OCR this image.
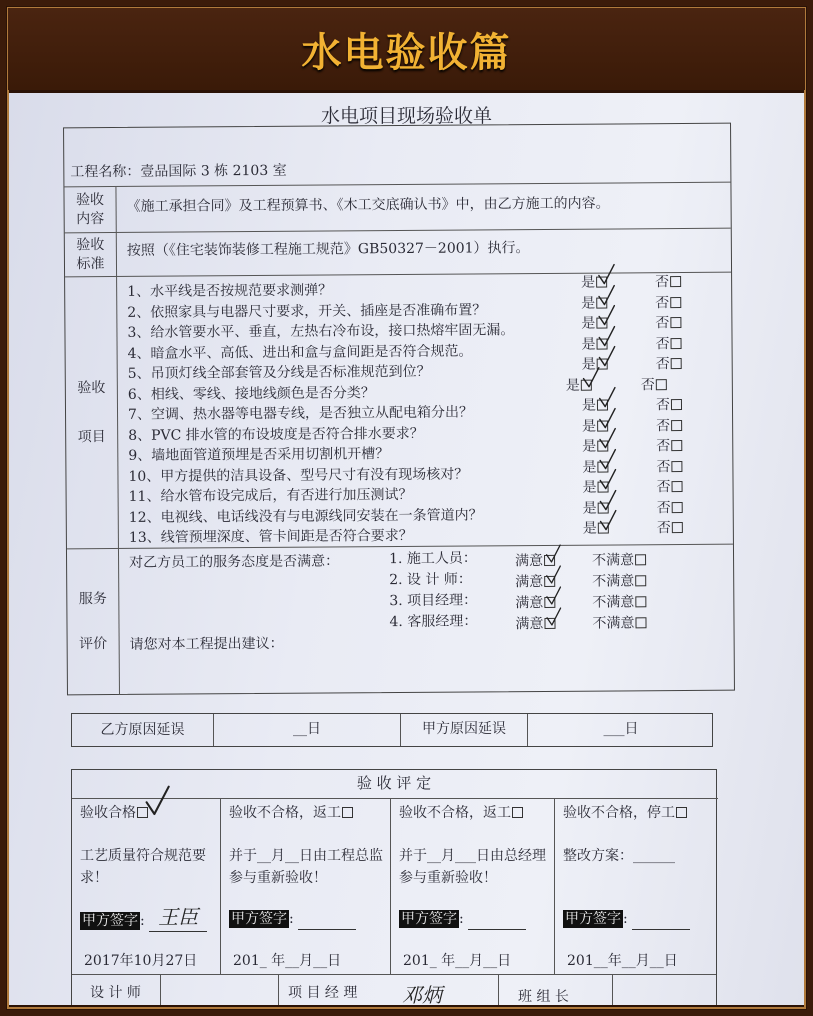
水电验收篇
水电项目现场验收单
工程名称：壹品国际 3 栋 2103 室
验收
内容
《施工承担合同》及工程预算书、《木工交底确认书》中，由乙方施工的内容。
验收
标准
按照（《住宅装饰装修工程施工规范》GB50327－2001）执行。
验收
项目
1、水平线是否按规范要求测弹？	是	否
2、依照家具与电器尺寸要求，开关、插座是否准确布置？	是	否
3、给水管要水平、垂直，左热右冷布设，接口热熔牢固无漏。	是	否
4、暗盒水平、高低、进出和盒与盒间距是否符合规范。	是	否
5、吊顶灯线全部套管及分线是否标准规范到位？	是	否
6、相线、零线、接地线颜色是否分类？	是	否
7、空调、热水器等电器专线，是否独立从配电箱分出？	是	否
8、PVC 排水管的布设坡度是否符合排水要求？	是	否
9、墙地面管道预埋是否采用切割机开槽？	是	否
10、甲方提供的洁具设备、型号尺寸有没有现场核对？	是	否
11、给水管布设完成后，有否进行加压测试？	是	否
12、电视线、电话线没有与电源线同安装在一条管道内？	是	否
13、线管预埋深度、管卡间距是否符合要求？	是	否
服务
评价
对乙方员工的服务态度是否满意：	1. 施工人员：	满意	不满意
2. 设 计 师：	满意	不满意
3. 项目经理：	满意	不满意
4. 客服经理：	满意	不满意
请您对本工程提出建议：
乙方原因延误	__日	甲方原因延误	___日
验 收 评 定
验收合格
工艺质量符合规范要求！
甲方签字 : 王臣
2017年10月27日
验收不合格，返工
并于__月__日由工程总监参与重新验收！
甲方签字 :
201_ 年__月__日
验收不合格，返工
并于__月___日由总经理参与重新验收！
甲方签字 :
201_ 年__月__日
验收不合格，停工
整改方案：______
甲方签字 :
201__年__月__日
设 计 师	项 目 经 理 邓炳	班 组 长
